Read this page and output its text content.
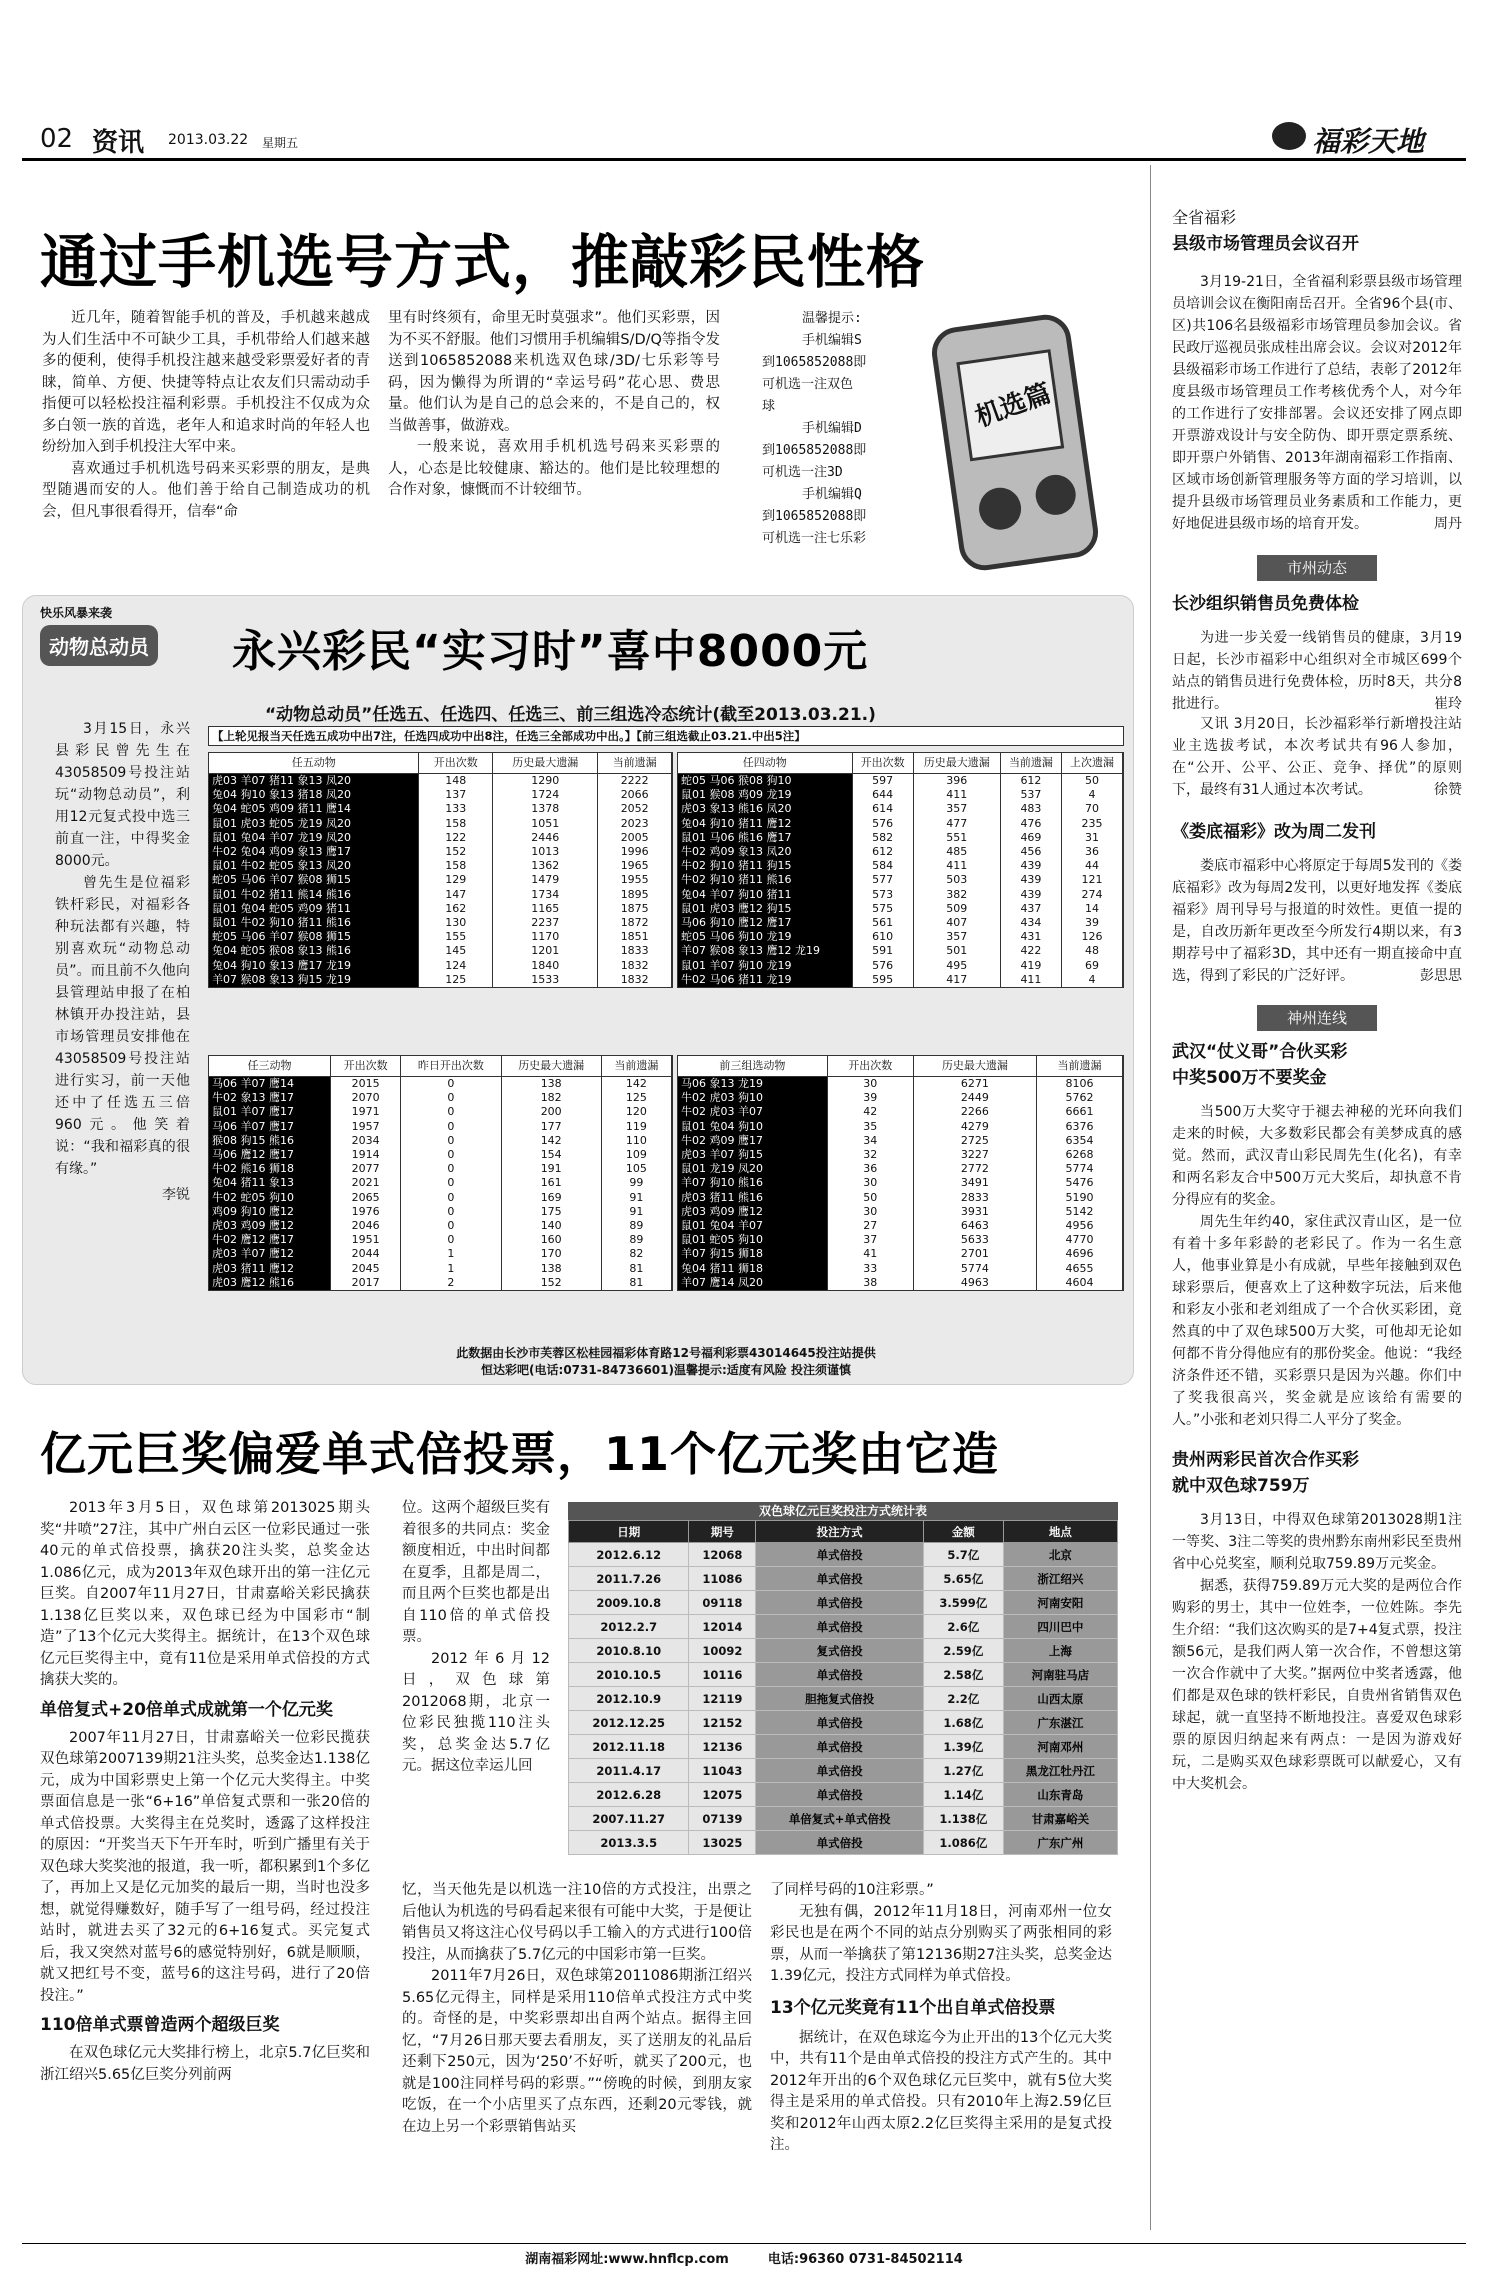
02 资讯 2013.03.22 星期五	福彩天地
通过手机选号方式，推敲彩民性格

近几年，随着智能手机的普及，手机越来越成为人们生活中不可缺少工具，手机带给人们越来越多的便利，使得手机投注越来越受彩票爱好者的青睐，简单、方便、快捷等特点让农友们只需动动手指便可以轻松投注福利彩票。手机投注不仅成为众多白领一族的首选，老年人和追求时尚的年轻人也纷纷加入到手机投注大军中来。

喜欢通过手机机选号码来买彩票的朋友，是典型随遇而安的人。他们善于给自己制造成功的机会，但凡事很看得开，信奉“命

里有时终须有，命里无时莫强求”。他们买彩票，因为不买不舒服。他们习惯用手机编辑S/D/Q等指令发送到1065852088来机选双色球/3D/七乐彩等号码，因为懒得为所谓的“幸运号码”花心思、费思量。他们认为是自己的总会来的，不是自己的，权当做善事，做游戏。

一般来说，喜欢用手机机选号码来买彩票的人，心态是比较健康、豁达的。他们是比较理想的合作对象，慷慨而不计较细节。

温馨提示:
手机编辑S
到1065852088即
可机选一注双色
球
手机编辑D
到1065852088即
可机选一注3D
手机编辑Q
到1065852088即
可机选一注七乐彩
机选篇
快乐风暴来袭
动物总动员 永兴彩民“实习时”喜中8000元
“动物总动员”任选五、任选四、任选三、前三组选冷态统计(截至2013.03.21.)
【上轮见报当天任选五成功中出7注，任选四成功中出8注，任选三全部成功中出。】【前三组选截止03.21.中出5注】

3月15日，永兴县彩民曾先生在43058509号投注站玩“动物总动员”，利用12元复式投中选三前直一注，中得奖金8000元。

曾先生是位福彩铁杆彩民，对福彩各种玩法都有兴趣，特别喜欢玩“动物总动员”。而且前不久他向县管理站申报了在柏林镇开办投注站，县市场管理员安排他在43058509号投注站进行实习，前一天他还中了任选五三倍960元。他笑着说：“我和福彩真的很有缘。”

李锐
任五动物	开出次数	历史最大遗漏	当前遗漏
虎03 羊07 猪11 象13 凤20	148	1290	2222
兔04 狗10 象13 猪18 凤20	137	1724	2066
兔04 蛇05 鸡09 猪11 鹰14	133	1378	2052
鼠01 虎03 蛇05 龙19 凤20	158	1051	2023
鼠01 兔04 羊07 龙19 凤20	122	2446	2005
牛02 兔04 鸡09 象13 鹰17	152	1013	1996
鼠01 牛02 蛇05 象13 凤20	158	1362	1965
蛇05 马06 羊07 猴08 狮15	129	1479	1955
鼠01 牛02 猪11 熊14 熊16	147	1734	1895
鼠01 兔04 蛇05 鸡09 猪11	162	1165	1875
鼠01 牛02 狗10 猪11 熊16	130	2237	1872
蛇05 马06 羊07 猴08 狮15	155	1170	1851
兔04 蛇05 猴08 象13 熊16	145	1201	1833
兔04 狗10 象13 鹰17 龙19	124	1840	1832
羊07 猴08 象13 狗15 龙19	125	1533	1832
任四动物	开出次数	历史最大遗漏	当前遗漏	上次遗漏
蛇05 马06 猴08 狗10	597	396	612	50
鼠01 猴08 鸡09 龙19	644	411	537	4
虎03 象13 熊16 凤20	614	357	483	70
兔04 狗10 猪11 鹰12	576	477	476	235
鼠01 马06 熊16 鹰17	582	551	469	31
牛02 鸡09 象13 凤20	612	485	456	36
牛02 狗10 猪11 狗15	584	411	439	44
牛02 狗10 猪11 熊16	577	503	439	121
兔04 羊07 狗10 猪11	573	382	439	274
鼠01 虎03 鹰12 狗15	575	509	437	14
马06 狗10 鹰12 鹰17	561	407	434	39
蛇05 马06 狗10 龙19	610	357	431	126
羊07 猴08 象13 鹰12 龙19	591	501	422	48
鼠01 羊07 狗10 龙19	576	495	419	69
牛02 马06 猪11 龙19	595	417	411	4
任三动物	开出次数	昨日开出次数	历史最大遗漏	当前遗漏
马06 羊07 鹰14	2015	0	138	142
牛02 象13 鹰17	2070	0	182	125
鼠01 羊07 鹰17	1971	0	200	120
马06 羊07 鹰17	1957	0	177	119
猴08 狗15 熊16	2034	0	142	110
马06 鹰12 鹰17	1914	0	154	109
牛02 熊16 狮18	2077	0	191	105
兔04 猪11 象13	2021	0	161	99
牛02 蛇05 狗10	2065	0	169	91
鸡09 狗10 鹰12	1976	0	175	91
虎03 鸡09 鹰12	2046	0	140	89
牛02 鹰12 鹰17	1951	0	160	89
虎03 羊07 鹰12	2044	1	170	82
虎03 猪11 鹰12	2045	1	138	81
虎03 鹰12 熊16	2017	2	152	81
前三组选动物	开出次数	历史最大遗漏	当前遗漏
马06 象13 龙19	30	6271	8106
牛02 虎03 狗10	39	2449	5762
牛02 虎03 羊07	42	2266	6661
鼠01 兔04 狗10	35	4279	6376
牛02 鸡09 鹰17	34	2725	6354
虎03 羊07 狗15	32	3227	6268
鼠01 龙19 凤20	36	2772	5774
羊07 狗10 熊16	30	3491	5476
虎03 猪11 熊16	50	2833	5190
虎03 鸡09 鹰12	30	3931	5142
鼠01 兔04 羊07	27	6463	4956
鼠01 蛇05 狗10	37	5633	4770
羊07 狗15 狮18	41	2701	4696
兔04 猪11 狮18	33	5774	4655
羊07 鹰14 凤20	38	4963	4604
此数据由长沙市芙蓉区松桂园福彩体育路12号福利彩票43014645投注站提供
恒达彩吧(电话:0731-84736601)温馨提示:适度有风险 投注须谨慎
亿元巨奖偏爱单式倍投票，11个亿元奖由它造

2013年3月5日，双色球第2013025期头奖“井喷”27注，其中广州白云区一位彩民通过一张40元的单式倍投票，擒获20注头奖，总奖金达1.086亿元，成为2013年双色球开出的第一注亿元巨奖。自2007年11月27日，甘肃嘉峪关彩民擒获1.138亿巨奖以来，双色球已经为中国彩市“制造”了13个亿元大奖得主。据统计，在13个双色球亿元巨奖得主中，竟有11位是采用单式倍投的方式擒获大奖的。

单倍复式+20倍单式成就第一个亿元奖

2007年11月27日，甘肃嘉峪关一位彩民揽获双色球第2007139期21注头奖，总奖金达1.138亿元，成为中国彩票史上第一个亿元大奖得主。中奖票面信息是一张“6+16”单倍复式票和一张20倍的单式倍投票。大奖得主在兑奖时，透露了这样投注的原因：“开奖当天下午开车时，听到广播里有关于双色球大奖奖池的报道，我一听，都积累到1个多亿了，再加上又是亿元加奖的最后一期，当时也没多想，就觉得赚数好，随手写了一组号码，经过投注站时，就进去买了32元的6+16复式。买完复式后，我又突然对蓝号6的感觉特别好，6就是顺顺，就又把红号不变，蓝号6的这注号码，进行了20倍投注。”

110倍单式票曾造两个超级巨奖

在双色球亿元大奖排行榜上，北京5.7亿巨奖和浙江绍兴5.65亿巨奖分列前两

位。这两个超级巨奖有着很多的共同点：奖金额度相近，中出时间都在夏季，且都是周二，而且两个巨奖也都是出自110倍的单式倍投票。

2012年6月12日，双色球第2012068期，北京一位彩民独揽110注头奖，总奖金达5.7亿元。据这位幸运儿回

双色球亿元巨奖投注方式统计表
日期	期号	投注方式	金额	地点
2012.6.12	12068	单式倍投	5.7亿	北京
2011.7.26	11086	单式倍投	5.65亿	浙江绍兴
2009.10.8	09118	单式倍投	3.599亿	河南安阳
2012.2.7	12014	单式倍投	2.6亿	四川巴中
2010.8.10	10092	复式倍投	2.59亿	上海
2010.10.5	10116	单式倍投	2.58亿	河南驻马店
2012.10.9	12119	胆拖复式倍投	2.2亿	山西太原
2012.12.25	12152	单式倍投	1.68亿	广东湛江
2012.11.18	12136	单式倍投	1.39亿	河南邓州
2011.4.17	11043	单式倍投	1.27亿	黑龙江牡丹江
2012.6.28	12075	单式倍投	1.14亿	山东青岛
2007.11.27	07139	单倍复式+单式倍投	1.138亿	甘肃嘉峪关
2013.3.5	13025	单式倍投	1.086亿	广东广州

忆，当天他先是以机选一注10倍的方式投注，出票之后他认为机选的号码看起来很有可能中大奖，于是便让销售员又将这注心仪号码以手工输入的方式进行100倍投注，从而擒获了5.7亿元的中国彩市第一巨奖。

2011年7月26日，双色球第2011086期浙江绍兴5.65亿元得主，同样是采用110倍单式投注方式中奖的。奇怪的是，中奖彩票却出自两个站点。据得主回忆，“7月26日那天要去看朋友，买了送朋友的礼品后还剩下250元，因为‘250’不好听，就买了200元，也就是100注同样号码的彩票。”“傍晚的时候，到朋友家吃饭，在一个小店里买了点东西，还剩20元零钱，就在边上另一个彩票销售站买

了同样号码的10注彩票。”

无独有偶，2012年11月18日，河南邓州一位女彩民也是在两个不同的站点分别购买了两张相同的彩票，从而一举擒获了第12136期27注头奖，总奖金达1.39亿元，投注方式同样为单式倍投。

13个亿元奖竟有11个出自单式倍投票

据统计，在双色球迄今为止开出的13个亿元大奖中，共有11个是由单式倍投的投注方式产生的。其中2012年开出的6个双色球亿元巨奖中，就有5位大奖得主是采用的单式倍投。只有2010年上海2.59亿巨奖和2012年山西太原2.2亿巨奖得主采用的是复式投注。

全省福彩
县级市场管理员会议召开

3月19-21日，全省福利彩票县级市场管理员培训会议在衡阳南岳召开。全省96个县(市、区)共106名县级福彩市场管理员参加会议。省民政厅巡视员张成桂出席会议。会议对2012年县级福彩市场工作进行了总结，表彰了2012年度县级市场管理员工作考核优秀个人，对今年的工作进行了安排部署。会议还安排了网点即开票游戏设计与安全防伪、即开票定票系统、即开票户外销售、2013年湖南福彩工作指南、区域市场创新管理服务等方面的学习培训，以提升县级市场管理员业务素质和工作能力，更好地促进县级市场的培育开发。	周丹
市州动态
长沙组织销售员免费体检

为进一步关爱一线销售员的健康，3月19日起，长沙市福彩中心组织对全市城区699个站点的销售员进行免费体检，历时8天，共分8批进行。	崔玲

又讯 3月20日，长沙福彩举行新增投注站业主选拔考试，本次考试共有96人参加，在“公开、公平、公正、竞争、择优”的原则下，最终有31人通过本次考试。	徐赞
《娄底福彩》改为周二发刊

娄底市福彩中心将原定于每周5发刊的《娄底福彩》改为每周2发刊，以更好地发挥《娄底福彩》周刊导号与报道的时效性。更值一提的是，自改历新年更改至今所发行4期以来，有3期荐号中了福彩3D，其中还有一期直接命中直选，得到了彩民的广泛好评。	彭思思
神州连线
武汉“仗义哥”合伙买彩
中奖500万不要奖金

当500万大奖守于褪去神秘的光环向我们走来的时候，大多数彩民都会有美梦成真的感觉。然而，武汉青山彩民周先生(化名)，有幸和两名彩友合中500万元大奖后，却执意不肯分得应有的奖金。

周先生年约40，家住武汉青山区，是一位有着十多年彩龄的老彩民了。作为一名生意人，他事业算是小有成就，早些年接触到双色球彩票后，便喜欢上了这种数字玩法，后来他和彩友小张和老刘组成了一个合伙买彩团，竟然真的中了双色球500万大奖，可他却无论如何都不肯分得他应有的那份奖金。他说：“我经济条件还不错，买彩票只是因为兴趣。你们中了奖我很高兴，奖金就是应该给有需要的人。”小张和老刘只得二人平分了奖金。

贵州两彩民首次合作买彩
就中双色球759万

3月13日，中得双色球第2013028期1注一等奖、3注二等奖的贵州黔东南州彩民至贵州省中心兑奖室，顺利兑取759.89万元奖金。

据悉，获得759.89万元大奖的是两位合作购彩的男士，其中一位姓李，一位姓陈。李先生介绍：“我们这次购买的是7+4复式票，投注额56元，是我们两人第一次合作，不曾想这第一次合作就中了大奖。”据两位中奖者透露，他们都是双色球的铁杆彩民，自贵州省销售双色球起，就一直坚持不断地投注。喜爱双色球彩票的原因归纳起来有两点：一是因为游戏好玩，二是购买双色球彩票既可以献爱心，又有中大奖机会。

湖南福彩网址:www.hnflcp.com	电话:96360 0731-84502114
